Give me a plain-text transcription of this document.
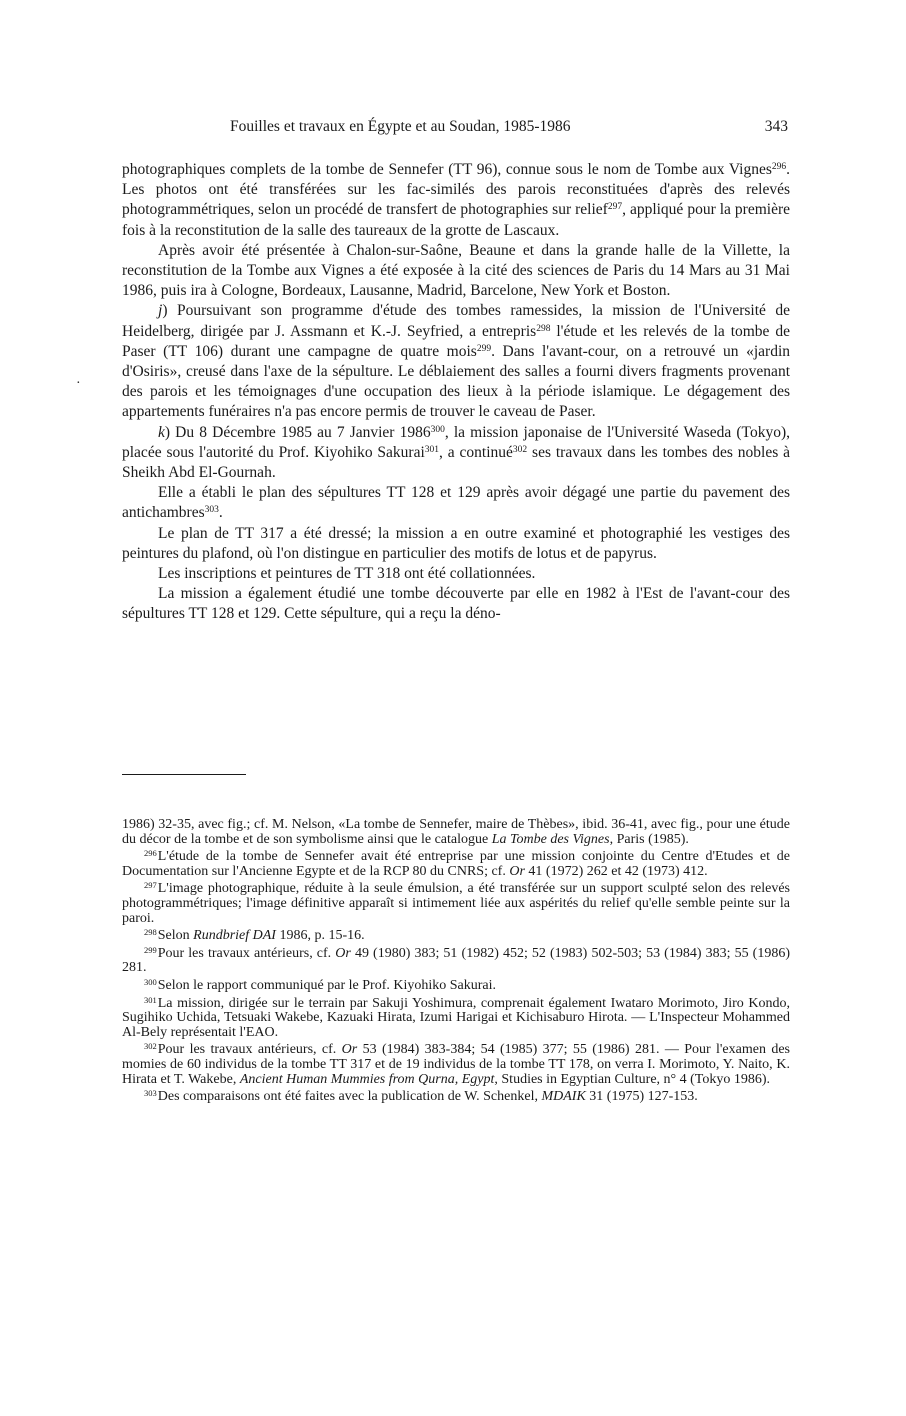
Fouilles et travaux en Égypte et au Soudan, 1985-1986	343
·

photographiques complets de la tombe de Sennefer (TT 96), connue sous le nom de Tombe aux Vignes$^{296}$. Les photos ont été transférées sur les fac-similés des parois reconstituées d'après des relevés photogrammétriques, selon un procédé de transfert de photographies sur relief$^{297}$, appliqué pour la première fois à la reconstitution de la salle des taureaux de la grotte de Lascaux.

Après avoir été présentée à Chalon-sur-Saône, Beaune et dans la grande halle de la Villette, la reconstitution de la Tombe aux Vignes a été exposée à la cité des sciences de Paris du 14 Mars au 31 Mai 1986, puis ira à Cologne, Bordeaux, Lausanne, Madrid, Barcelone, New York et Boston.

j) Poursuivant son programme d'étude des tombes ramessides, la mission de l'Université de Heidelberg, dirigée par J. Assmann et K.-J. Seyfried, a entrepris$^{298}$ l'étude et les relevés de la tombe de Paser (TT 106) durant une campagne de quatre mois$^{299}$. Dans l'avant-cour, on a retrouvé un «jardin d'Osiris», creusé dans l'axe de la sépulture. Le déblaiement des salles a fourni divers fragments provenant des parois et les témoignages d'une occupation des lieux à la période islamique. Le dégagement des appartements funéraires n'a pas encore permis de trouver le caveau de Paser.

k) Du 8 Décembre 1985 au 7 Janvier 1986$^{300}$, la mission japonaise de l'Université Waseda (Tokyo), placée sous l'autorité du Prof. Kiyohiko Sakurai$^{301}$, a continué$^{302}$ ses travaux dans les tombes des nobles à Sheikh Abd El-Gournah.

Elle a établi le plan des sépultures TT 128 et 129 après avoir dégagé une partie du pavement des antichambres$^{303}$.

Le plan de TT 317 a été dressé; la mission a en outre examiné et photographié les vestiges des peintures du plafond, où l'on distingue en particulier des motifs de lotus et de papyrus.

Les inscriptions et peintures de TT 318 ont été collationnées.

La mission a également étudié une tombe découverte par elle en 1982 à l'Est de l'avant-cour des sépultures TT 128 et 129. Cette sépulture, qui a reçu la déno-

1986) 32-35, avec fig.; cf. M. Nelson, «La tombe de Sennefer, maire de Thèbes», ibid. 36-41, avec fig., pour une étude du décor de la tombe et de son symbolisme ainsi que le catalogue La Tombe des Vignes, Paris (1985).

$^{296}$L'étude de la tombe de Sennefer avait été entreprise par une mission conjointe du Centre d'Etudes et de Documentation sur l'Ancienne Egypte et de la RCP 80 du CNRS; cf. Or 41 (1972) 262 et 42 (1973) 412.

$^{297}$L'image photographique, réduite à la seule émulsion, a été transférée sur un support sculpté selon des relevés photogrammétriques; l'image définitive apparaît si intimement liée aux aspérités du relief qu'elle semble peinte sur la paroi.

$^{298}$Selon Rundbrief DAI 1986, p. 15-16.

$^{299}$Pour les travaux antérieurs, cf. Or 49 (1980) 383; 51 (1982) 452; 52 (1983) 502-503; 53 (1984) 383; 55 (1986) 281.

$^{300}$Selon le rapport communiqué par le Prof. Kiyohiko Sakurai.

$^{301}$La mission, dirigée sur le terrain par Sakuji Yoshimura, comprenait également Iwataro Morimoto, Jiro Kondo, Sugihiko Uchida, Tetsuaki Wakebe, Kazuaki Hirata, Izumi Harigai et Kichisaburo Hirota. — L'Inspecteur Mohammed Al-Bely représentait l'EAO.

$^{302}$Pour les travaux antérieurs, cf. Or 53 (1984) 383-384; 54 (1985) 377; 55 (1986) 281. — Pour l'examen des momies de 60 individus de la tombe TT 317 et de 19 individus de la tombe TT 178, on verra I. Morimoto, Y. Naito, K. Hirata et T. Wakebe, Ancient Human Mummies from Qurna, Egypt, Studies in Egyptian Culture, n° 4 (Tokyo 1986).

$^{303}$Des comparaisons ont été faites avec la publication de W. Schenkel, MDAIK 31 (1975) 127-153.
